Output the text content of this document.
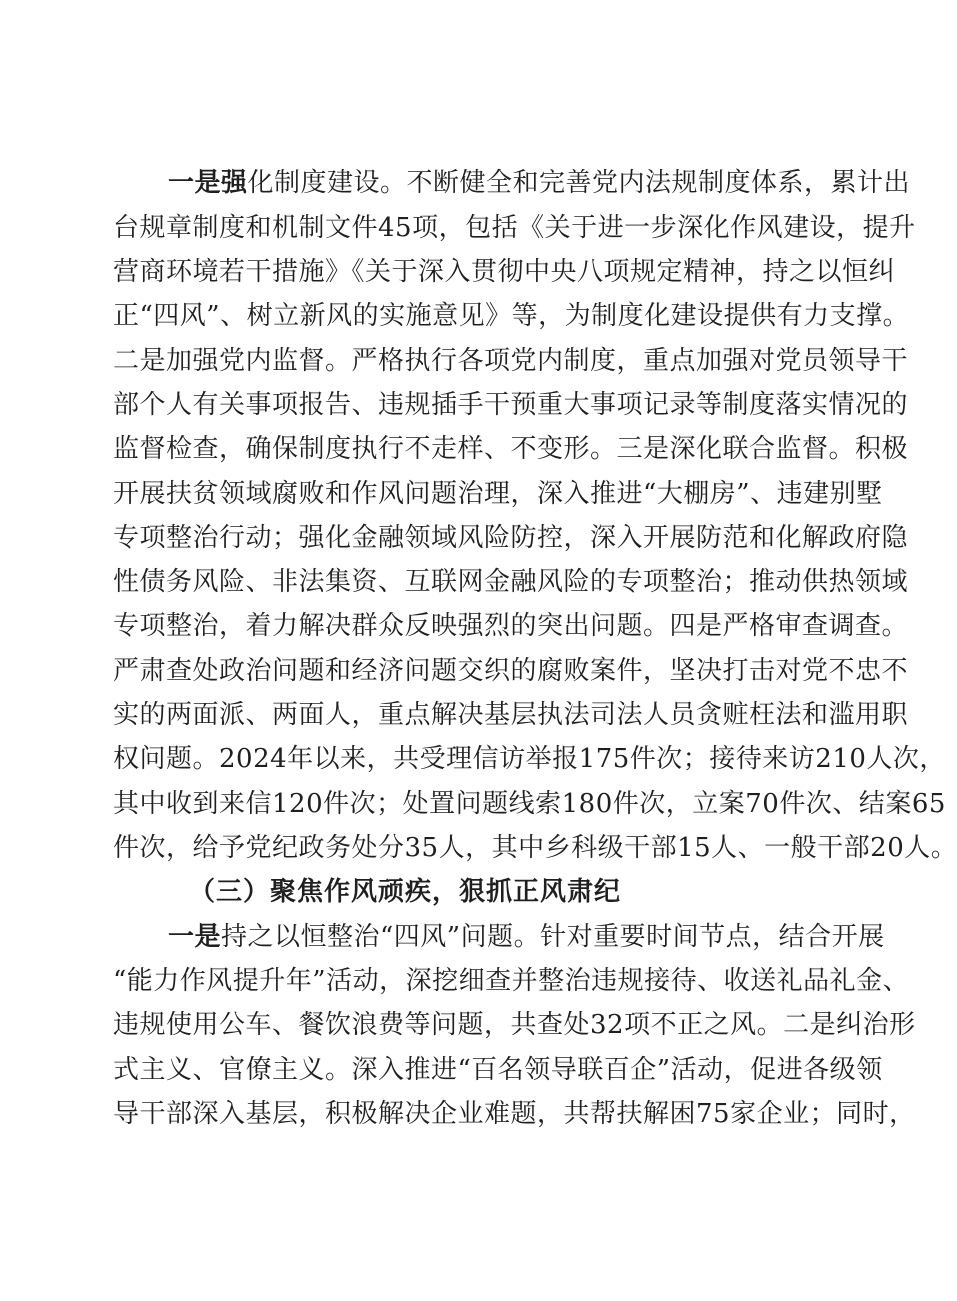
一是强化制度建设。不断健全和完善党内法规制度体系，累计出
台规章制度和机制文件45项，包括《关于进一步深化作风建设，提升
营商环境若干措施》《关于深入贯彻中央八项规定精神，持之以恒纠
正“四风”、树立新风的实施意见》等，为制度化建设提供有力支撑。
二是加强党内监督。严格执行各项党内制度，重点加强对党员领导干
部个人有关事项报告、违规插手干预重大事项记录等制度落实情况的
监督检查，确保制度执行不走样、不变形。三是深化联合监督。积极
开展扶贫领域腐败和作风问题治理，深入推进“大棚房”、违建别墅
专项整治行动；强化金融领域风险防控，深入开展防范和化解政府隐
性债务风险、非法集资、互联网金融风险的专项整治；推动供热领域
专项整治，着力解决群众反映强烈的突出问题。四是严格审查调查。
严肃查处政治问题和经济问题交织的腐败案件，坚决打击对党不忠不
实的两面派、两面人，重点解决基层执法司法人员贪赃枉法和滥用职
权问题。2024年以来，共受理信访举报175件次；接待来访210人次，
其中收到来信120件次；处置问题线索180件次，立案70件次、结案65
件次，给予党纪政务处分35人，其中乡科级干部15人、一般干部20人。
（三）聚焦作风顽疾，狠抓正风肃纪
一是持之以恒整治“四风”问题。针对重要时间节点，结合开展
“能力作风提升年”活动，深挖细查并整治违规接待、收送礼品礼金、
违规使用公车、餐饮浪费等问题，共查处32项不正之风。二是纠治形
式主义、官僚主义。深入推进“百名领导联百企”活动，促进各级领
导干部深入基层，积极解决企业难题，共帮扶解困75家企业；同时，
